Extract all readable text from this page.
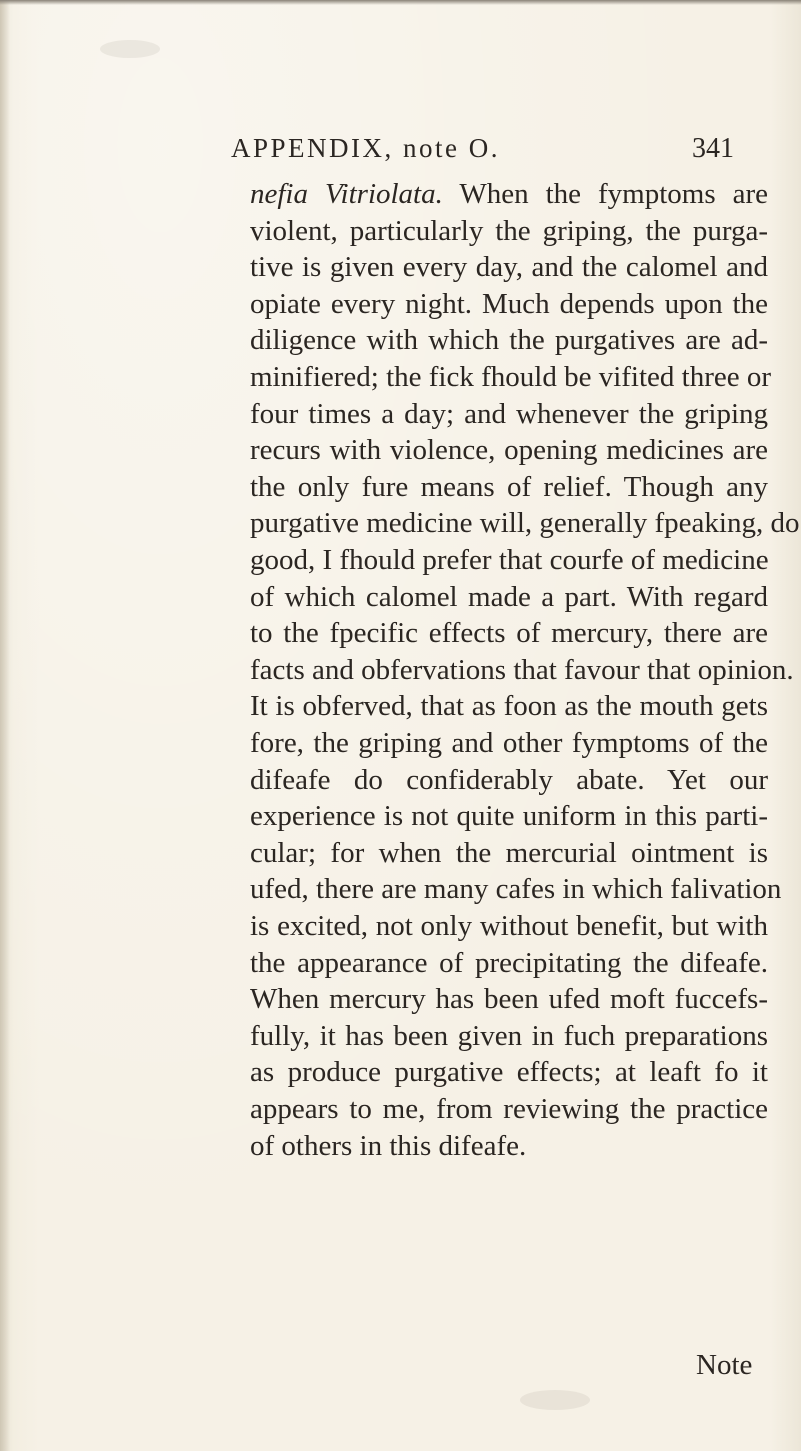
APPENDIX, note O.	341
nefia Vitriolata. When the fymptoms are
violent, particularly the griping, the purga-
tive is given every day, and the calomel and
opiate every night. Much depends upon the
diligence with which the purgatives are ad-
minifiered; the fick fhould be vifited three or
four times a day; and whenever the griping
recurs with violence, opening medicines are
the only fure means of relief. Though any
purgative medicine will, generally fpeaking, do
good, I fhould prefer that courfe of medicine
of which calomel made a part. With regard
to the fpecific effects of mercury, there are
facts and obfervations that favour that opinion.
It is obferved, that as foon as the mouth gets
fore, the griping and other fymptoms of the
difeafe do confiderably abate. Yet our
experience is not quite uniform in this parti-
cular; for when the mercurial ointment is
ufed, there are many cafes in which falivation
is excited, not only without benefit, but with
the appearance of precipitating the difeafe.
When mercury has been ufed moft fuccefs-
fully, it has been given in fuch preparations
as produce purgative effects; at leaft fo it
appears to me, from reviewing the practice
of others in this difeafe.
Note
